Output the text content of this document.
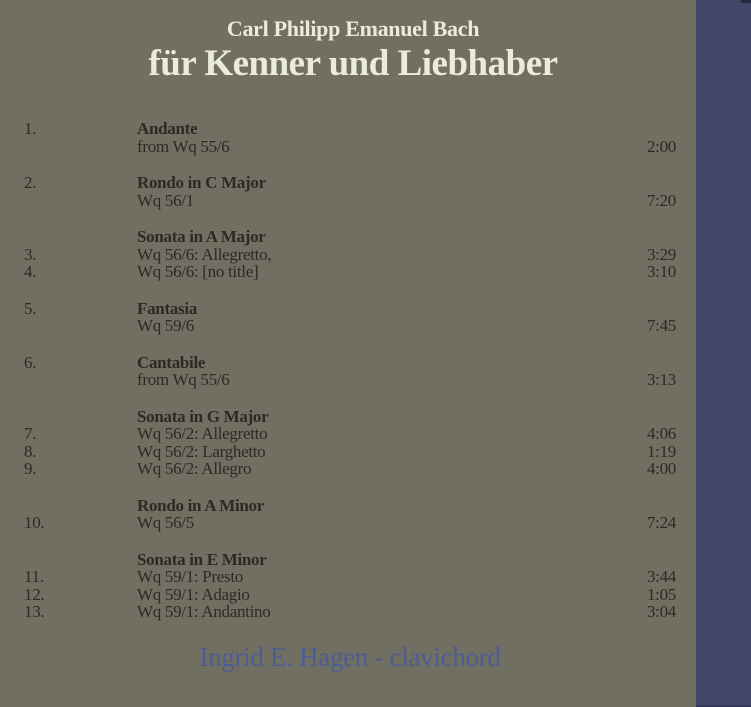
Carl Philipp Emanuel Bach
für Kenner und Liebhaber
1.	Andante
from Wq 55/6	2:00
2.	Rondo in C Major
Wq 56/1	7:20
Sonata in A Major
3.	Wq 56/6: Allegretto,	3:29
4.	Wq 56/6: [no title]	3:10
5.	Fantasia
Wq 59/6	7:45
6.	Cantabile
from Wq 55/6	3:13
Sonata in G Major
7.	Wq 56/2: Allegretto	4:06
8.	Wq 56/2: Larghetto	1:19
9.	Wq 56/2: Allegro	4:00
Rondo in A Minor
10.	Wq 56/5	7:24
Sonata in E Minor
11.	Wq 59/1: Presto	3:44
12.	Wq 59/1: Adagio	1:05
13.	Wq 59/1: Andantino	3:04
Ingrid E. Hagen - clavichord
